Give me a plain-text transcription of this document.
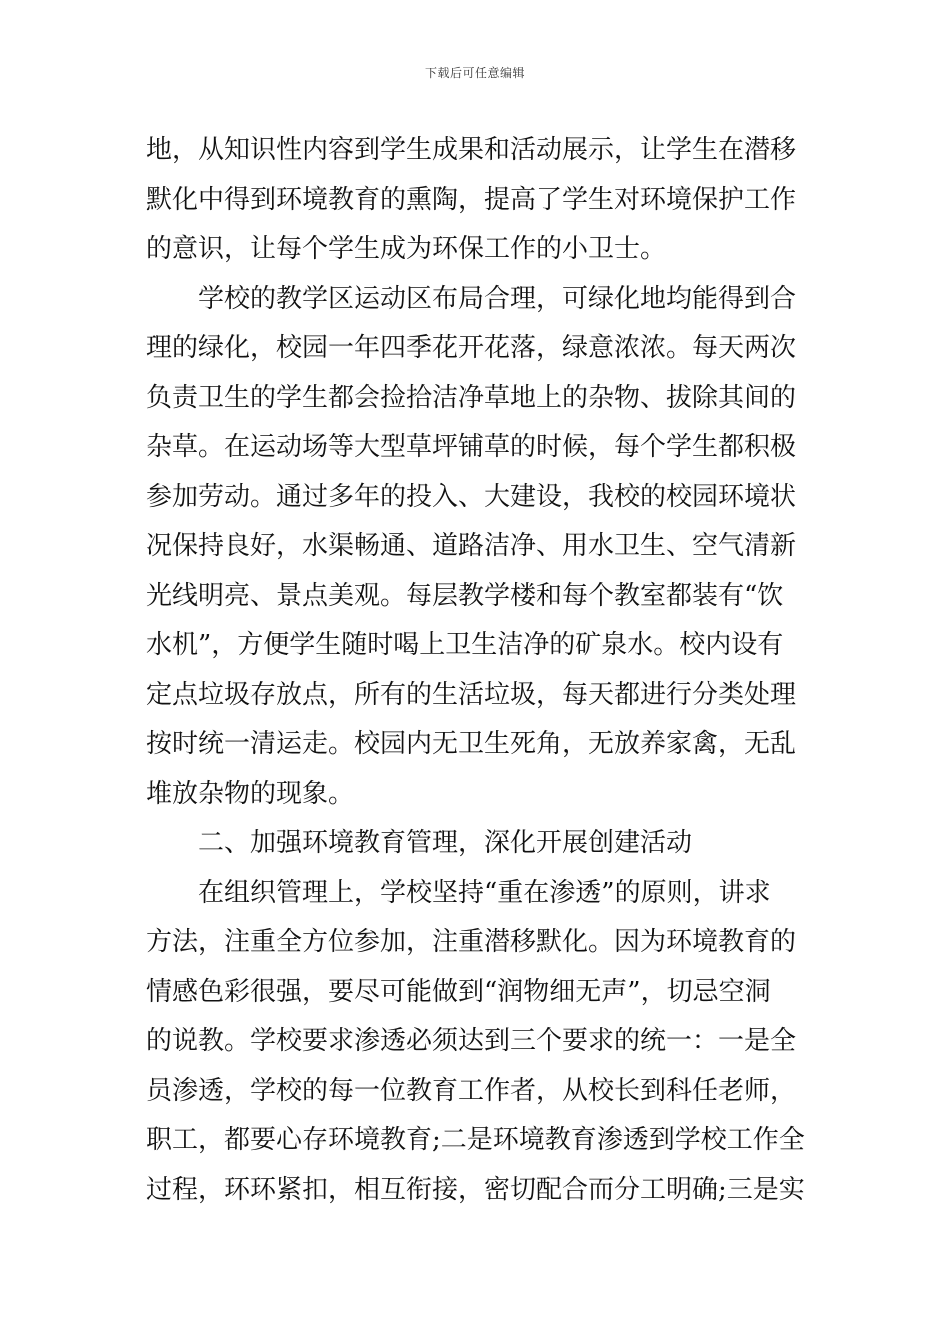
下载后可任意编辑
地，从知识性内容到学生成果和活动展示，让学生在潜移
默化中得到环境教育的熏陶，提高了学生对环境保护工作
的意识，让每个学生成为环保工作的小卫士。
学校的教学区运动区布局合理，可绿化地均能得到合
理的绿化，校园一年四季花开花落，绿意浓浓。每天两次
负责卫生的学生都会捡拾洁净草地上的杂物、拔除其间的
杂草。在运动场等大型草坪铺草的时候，每个学生都积极
参加劳动。通过多年的投入、大建设，我校的校园环境状
况保持良好，水渠畅通、道路洁净、用水卫生、空气清新
光线明亮、景点美观。每层教学楼和每个教室都装有“饮
水机”，方便学生随时喝上卫生洁净的矿泉水。校内设有
定点垃圾存放点，所有的生活垃圾，每天都进行分类处理
按时统一清运走。校园内无卫生死角，无放养家禽，无乱
堆放杂物的现象。
二、加强环境教育管理，深化开展创建活动
在组织管理上，学校坚持“重在渗透”的原则，讲求
方法，注重全方位参加，注重潜移默化。因为环境教育的
情感色彩很强，要尽可能做到“润物细无声”，切忌空洞
的说教。学校要求渗透必须达到三个要求的统一：一是全
员渗透，学校的每一位教育工作者，从校长到科任老师，
职工，都要心存环境教育;二是环境教育渗透到学校工作全
过程，环环紧扣，相互衔接，密切配合而分工明确;三是实
